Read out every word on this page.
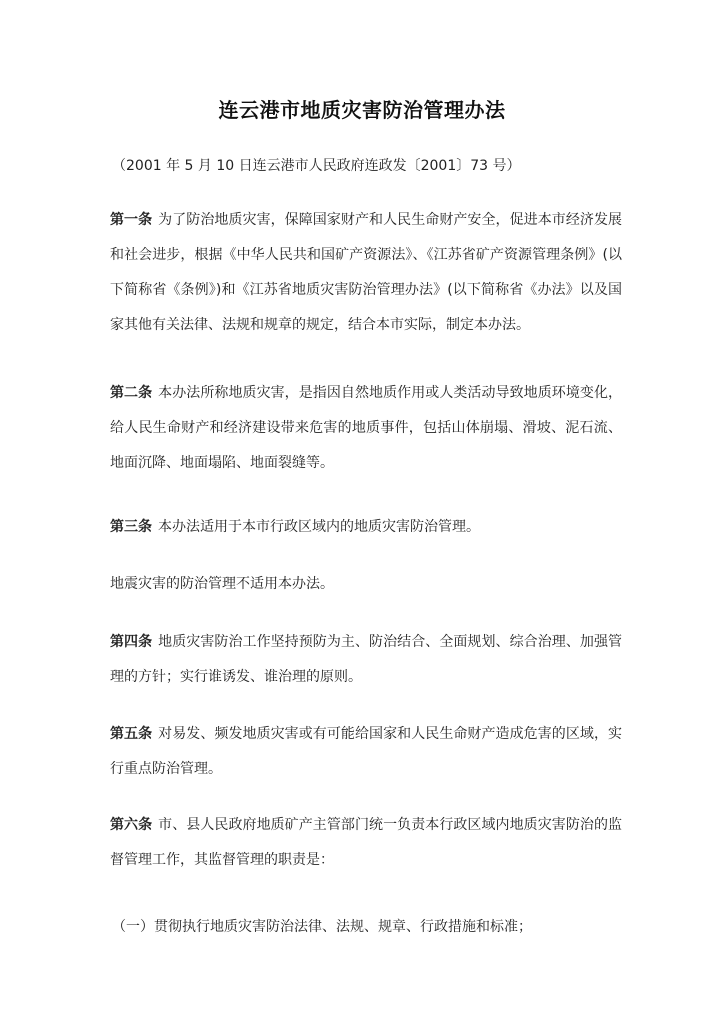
连云港市地质灾害防治管理办法
（2001 年 5 月 10 日连云港市人民政府连政发〔2001〕73 号）
第一条 为了防治地质灾害，保障国家财产和人民生命财产安全，促进本市经济发展和社会进步，根据《中华人民共和国矿产资源法》、《江苏省矿产资源管理条例》(以下简称省《条例》)和《江苏省地质灾害防治管理办法》(以下简称省《办法》以及国家其他有关法律、法规和规章的规定，结合本市实际，制定本办法。
第二条 本办法所称地质灾害，是指因自然地质作用或人类活动导致地质环境变化，给人民生命财产和经济建设带来危害的地质事件，包括山体崩塌、滑坡、泥石流、地面沉降、地面塌陷、地面裂缝等。
第三条 本办法适用于本市行政区域内的地质灾害防治管理。
地震灾害的防治管理不适用本办法。
第四条 地质灾害防治工作坚持预防为主、防治结合、全面规划、综合治理、加强管理的方针；实行谁诱发、谁治理的原则。
第五条 对易发、频发地质灾害或有可能给国家和人民生命财产造成危害的区域，实行重点防治管理。
第六条 市、县人民政府地质矿产主管部门统一负责本行政区域内地质灾害防治的监督管理工作，其监督管理的职责是：
（一）贯彻执行地质灾害防治法律、法规、规章、行政措施和标准；
